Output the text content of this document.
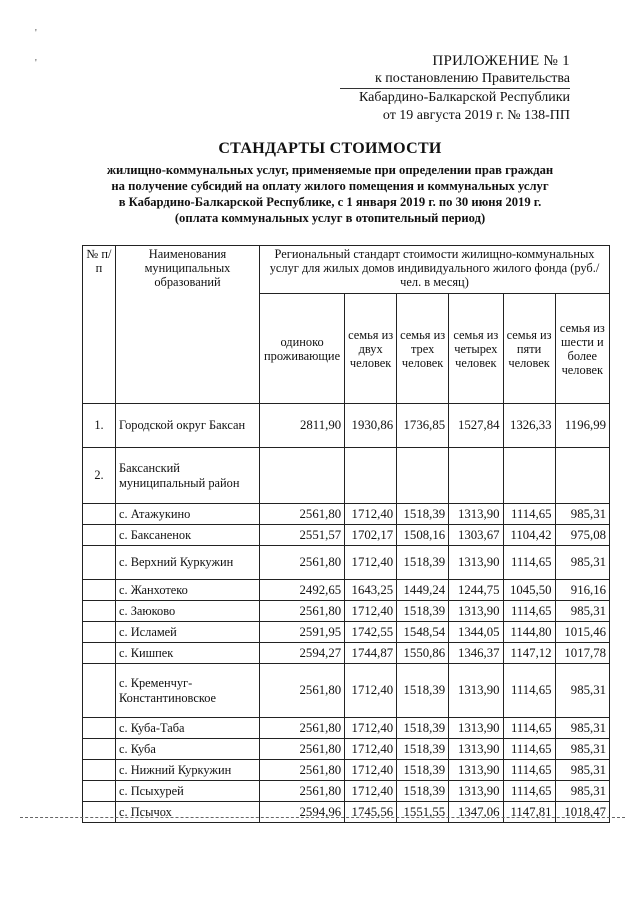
'
'	ПРИЛОЖЕНИЕ № 1
к постановлению Правительства
Кабардино-Балкарской Республики
от 19 августа 2019 г. № 138-ПП
СТАНДАРТЫ СТОИМОСТИ
жилищно-коммунальных услуг, применяемые при определении прав граждан
на получение субсидий на оплату жилого помещения и коммунальных услуг
в Кабардино-Балкарской Республике, с 1 января 2019 г. по 30 июня 2019 г.
(оплата коммунальных услуг в отопительный период)
№ п/п	Наименования муниципальных образований	Региональный стандарт стоимости жилищно-коммунальных услуг для жилых домов индивидуального жилого фонда (руб./чел. в месяц)					
		одиноко проживающие	семья из двух человек	семья из трех человек	семья из четырех человек	семья из пяти человек	семья из шести и более человек
1.	Городской округ Баксан	2811,90	1930,86	1736,85	1527,84	1326,33	1196,99
2.	Баксанский муниципальный район						
	с. Атажукино	2561,80	1712,40	1518,39	1313,90	1114,65	985,31
	с. Баксаненок	2551,57	1702,17	1508,16	1303,67	1104,42	975,08
	с. Верхний Куркужин	2561,80	1712,40	1518,39	1313,90	1114,65	985,31
	с. Жанхотеко	2492,65	1643,25	1449,24	1244,75	1045,50	916,16
	с. Заюково	2561,80	1712,40	1518,39	1313,90	1114,65	985,31
	с. Исламей	2591,95	1742,55	1548,54	1344,05	1144,80	1015,46
	с. Кишпек	2594,27	1744,87	1550,86	1346,37	1147,12	1017,78
	с. Кременчуг-Константиновское	2561,80	1712,40	1518,39	1313,90	1114,65	985,31
	с. Куба-Таба	2561,80	1712,40	1518,39	1313,90	1114,65	985,31
	с. Куба	2561,80	1712,40	1518,39	1313,90	1114,65	985,31
	с. Нижний Куркужин	2561,80	1712,40	1518,39	1313,90	1114,65	985,31
	с. Псыхурей	2561,80	1712,40	1518,39	1313,90	1114,65	985,31
	с. Псычох	2594,96	1745,56	1551,55	1347,06	1147,81	1018,47
